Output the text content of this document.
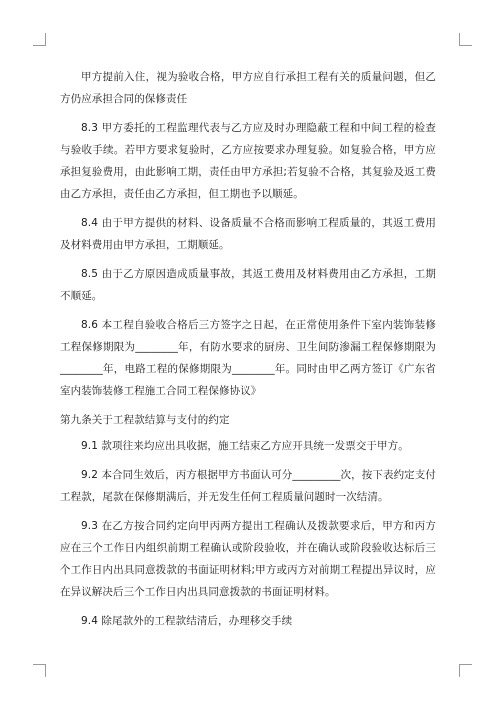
甲方提前入住，视为验收合格，甲方应自行承担工程有关的质量问题，但乙方仍应承担合同的保修责任

8.3 甲方委托的工程监理代表与乙方应及时办理隐蔽工程和中间工程的检查与验收手续。若甲方要求复验时，乙方应按要求办理复验。如复验合格，甲方应承担复验费用，由此影响工期，责任由甲方承担;若复验不合格，其复验及返工费由乙方承担，责任由乙方承担，但工期也予以顺延。

8.4 由于甲方提供的材料、设备质量不合格而影响工程质量的，其返工费用及材料费用由甲方承担，工期顺延。

8.5 由于乙方原因造成质量事故，其返工费用及材料费用由乙方承担，工期不顺延。

8.6 本工程自验收合格后三方签字之日起，在正常使用条件下室内装饰装修工程保修期限为________年，有防水要求的厨房、卫生间防渗漏工程保修期限为________年，电路工程的保修期限为________年。同时由甲乙两方签订《广东省室内装饰装修工程施工合同工程保修协议》

第九条关于工程款结算与支付的约定

9.1 款项往来均应出具收据，施工结束乙方应开具统一发票交于甲方。

9.2 本合同生效后，丙方根据甲方书面认可分_________次，按下表约定支付工程款，尾款在保修期满后，并无发生任何工程质量问题时一次结清。

9.3 在乙方按合同约定向甲丙两方提出工程确认及拨款要求后，甲方和丙方应在三个工作日内组织前期工程确认或阶段验收，并在确认或阶段验收达标后三个工作日内出具同意拨款的书面证明材料;甲方或丙方对前期工程提出异议时，应在异议解决后三个工作日内出具同意拨款的书面证明材料。

9.4 除尾款外的工程款结清后，办理移交手续
